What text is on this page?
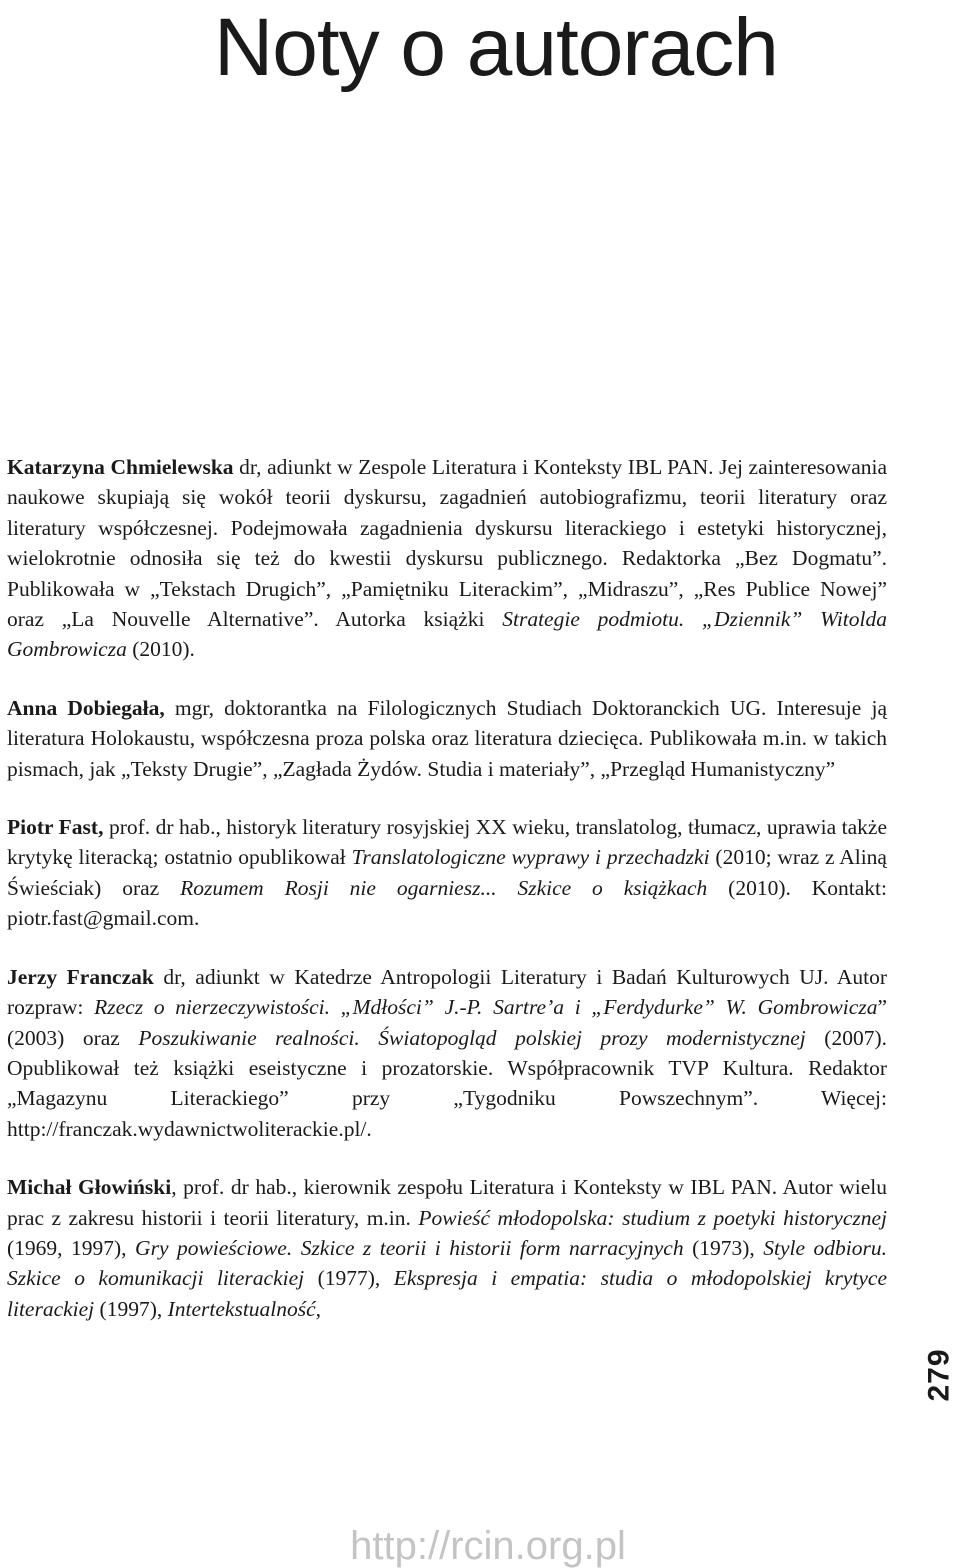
Noty o autorach

Katarzyna Chmielewska dr, adiunkt w Zespole Literatura i Konteksty IBL PAN. Jej zainteresowania naukowe skupiają się wokół teorii dyskursu, zagadnień autobiografizmu, teorii literatury oraz literatury współczesnej. Podejmowała zagadnienia dyskursu literackiego i estetyki historycznej, wielokrotnie odnosiła się też do kwestii dyskursu publicznego. Redaktorka „Bez Dogmatu”. Publikowała w „Tekstach Drugich”, „Pamiętniku Literackim”, „Midraszu”, „Res Publice Nowej” oraz „La Nouvelle Alternative”. Autorka książki Strategie podmiotu. „Dziennik” Witolda Gombrowicza (2010).

Anna Dobiegała, mgr, doktorantka na Filologicznych Studiach Doktoranckich UG. Interesuje ją literatura Holokaustu, współczesna proza polska oraz literatura dziecięca. Publikowała m.in. w takich pismach, jak „Teksty Drugie”, „Zagłada Żydów. Studia i materiały”, „Przegląd Humanistyczny”

Piotr Fast, prof. dr hab., historyk literatury rosyjskiej XX wieku, translatolog, tłumacz, uprawia także krytykę literacką; ostatnio opublikował Translatologiczne wyprawy i przechadzki (2010; wraz z Aliną Świeściak) oraz Rozumem Rosji nie ogarniesz... Szkice o książkach (2010). Kontakt: piotr.fast@gmail.com.

Jerzy Franczak dr, adiunkt w Katedrze Antropologii Literatury i Badań Kulturowych UJ. Autor rozpraw: Rzecz o nierzeczywistości. „Mdłości” J.-P. Sartre’a i „Ferdydurke” W. Gombrowicza” (2003) oraz Poszukiwanie realności. Światopogląd polskiej prozy modernistycznej (2007). Opublikował też książki eseistyczne i prozatorskie. Współpracownik TVP Kultura. Redaktor „Magazynu Literackiego” przy „Tygodniku Powszechnym”. Więcej: http://franczak.wydawnictwoliterackie.pl/.

Michał Głowiński, prof. dr hab., kierownik zespołu Literatura i Konteksty w IBL PAN. Autor wielu prac z zakresu historii i teorii literatury, m.in. Powieść młodopolska: studium z poetyki historycznej (1969, 1997), Gry powieściowe. Szkice z teorii i historii form narracyjnych (1973), Style odbioru. Szkice o komunikacji literackiej (1977), Ekspresja i empatia: studia o młodopolskiej krytyce literackiej (1997), Intertekstualność,

279
http://rcin.org.pl
